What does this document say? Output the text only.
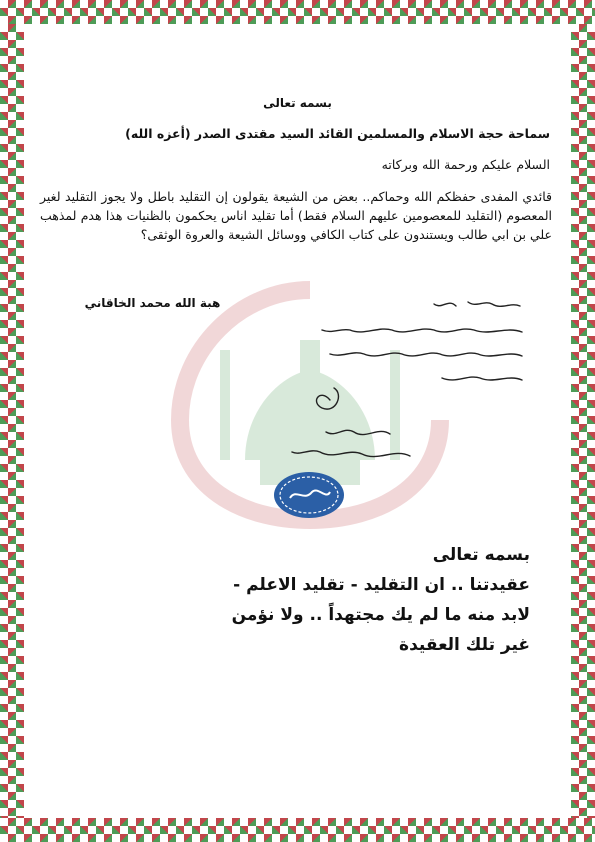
بسمه تعالى
سماحة حجة الاسلام والمسلمين القائد السيد مقتدى الصدر (أعزه الله)
السلام عليكم ورحمة الله وبركاته
قائدي المفدى حفظكم الله وحماكم.. بعض من الشيعة يقولون إن التقليد باطل ولا يجوز التقليد لغير المعصوم (التقليد للمعصومين عليهم السلام فقط) أما تقليد اناس يحكمون بالظنيات هذا هدم لمذهب علي بن ابي طالب ويستندون على كتاب الكافي ووسائل الشيعة والعروة الوثقى؟
هبة الله محمد الخاقاني
بسمه تعالى
عقيدتنا .. ان التقليد - تقليد الاعلم -
لابد منه ما لم يك مجتهداً .. ولا نؤمن
غير تلك العقيدة
